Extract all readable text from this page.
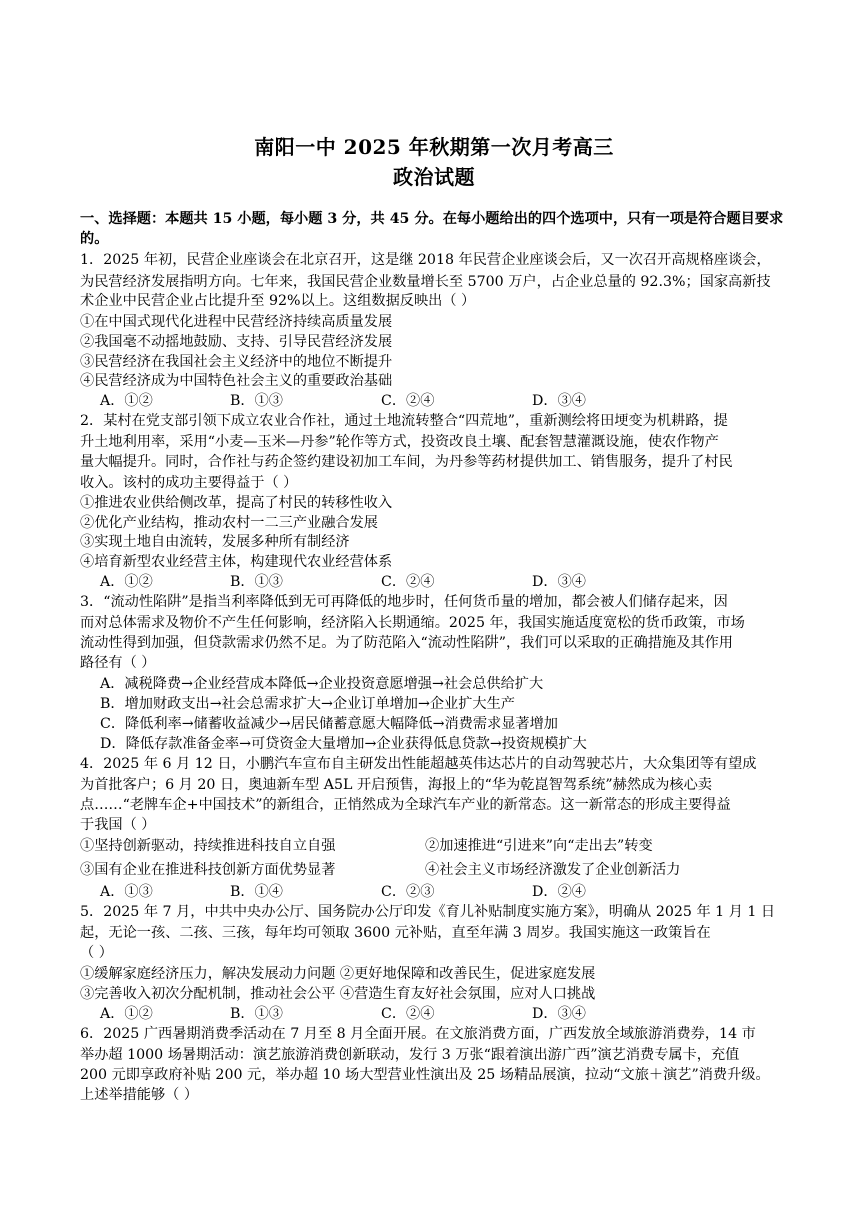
南阳一中 2025 年秋期第一次月考高三
政治试题
一、选择题：本题共 15 小题，每小题 3 分，共 45 分。在每小题给出的四个选项中，只有一项是符合题目要求的。
1．2025 年初，民营企业座谈会在北京召开，这是继 2018 年民营企业座谈会后，又一次召开高规格座谈会，
为民营经济发展指明方向。七年来，我国民营企业数量增长至 5700 万户，占企业总量的 92.3%；国家高新技
术企业中民营企业占比提升至 92%以上。这组数据反映出（ ）
①在中国式现代化进程中民营经济持续高质量发展
②我国毫不动摇地鼓励、支持、引导民营经济发展
③民营经济在我国社会主义经济中的地位不断提升
④民营经济成为中国特色社会主义的重要政治基础
A．①②	B．①③	C．②④	D．③④
2．某村在党支部引领下成立农业合作社，通过土地流转整合“四荒地”，重新测绘将田埂变为机耕路，提
升土地利用率，采用“小麦—玉米—丹参”轮作等方式，投资改良土壤、配套智慧灌溉设施，使农作物产
量大幅提升。同时，合作社与药企签约建设初加工车间，为丹参等药材提供加工、销售服务，提升了村民
收入。该村的成功主要得益于（ ）
①推进农业供给侧改革，提高了村民的转移性收入
②优化产业结构，推动农村一二三产业融合发展
③实现土地自由流转，发展多种所有制经济
④培育新型农业经营主体，构建现代农业经营体系
A．①②	B．①③	C．②④	D．③④
3．“流动性陷阱”是指当利率降低到无可再降低的地步时，任何货币量的增加，都会被人们储存起来，因
而对总体需求及物价不产生任何影响，经济陷入长期通缩。2025 年，我国实施适度宽松的货币政策，市场
流动性得到加强，但贷款需求仍然不足。为了防范陷入“流动性陷阱”，我们可以采取的正确措施及其作用
路径有（ ）
A．减税降费→企业经营成本降低→企业投资意愿增强→社会总供给扩大
B．增加财政支出→社会总需求扩大→企业订单增加→企业扩大生产
C．降低利率→储蓄收益减少→居民储蓄意愿大幅降低→消费需求显著增加
D．降低存款准备金率→可贷资金大量增加→企业获得低息贷款→投资规模扩大
4．2025 年 6 月 12 日，小鹏汽车宣布自主研发出性能超越英伟达芯片的自动驾驶芯片，大众集团等有望成
为首批客户；6 月 20 日，奥迪新车型 A5L 开启预售，海报上的“华为乾崑智驾系统”赫然成为核心卖
点……“老牌车企+中国技术”的新组合，正悄然成为全球汽车产业的新常态。这一新常态的形成主要得益
于我国（ ）
①坚持创新驱动，持续推进科技自立自强	②加速推进“引进来”向“走出去”转变
③国有企业在推进科技创新方面优势显著	④社会主义市场经济激发了企业创新活力
A．①③	B．①④	C．②③	D．②④
5．2025 年 7 月，中共中央办公厅、国务院办公厅印发《育儿补贴制度实施方案》，明确从 2025 年 1 月 1 日
起，无论一孩、二孩、三孩，每年均可领取 3600 元补贴，直至年满 3 周岁。我国实施这一政策旨在
（ ）
①缓解家庭经济压力，解决发展动力问题 ②更好地保障和改善民生，促进家庭发展
③完善收入初次分配机制，推动社会公平 ④营造生育友好社会氛围，应对人口挑战
A．①②	B．①③	C．②④	D．③④
6．2025 广西暑期消费季活动在 7 月至 8 月全面开展。在文旅消费方面，广西发放全域旅游消费券，14 市
举办超 1000 场暑期活动：演艺旅游消费创新联动，发行 3 万张“跟着演出游广西”演艺消费专属卡，充值
200 元即享政府补贴 200 元，举办超 10 场大型营业性演出及 25 场精品展演，拉动“文旅＋演艺”消费升级。
上述举措能够（ ）
